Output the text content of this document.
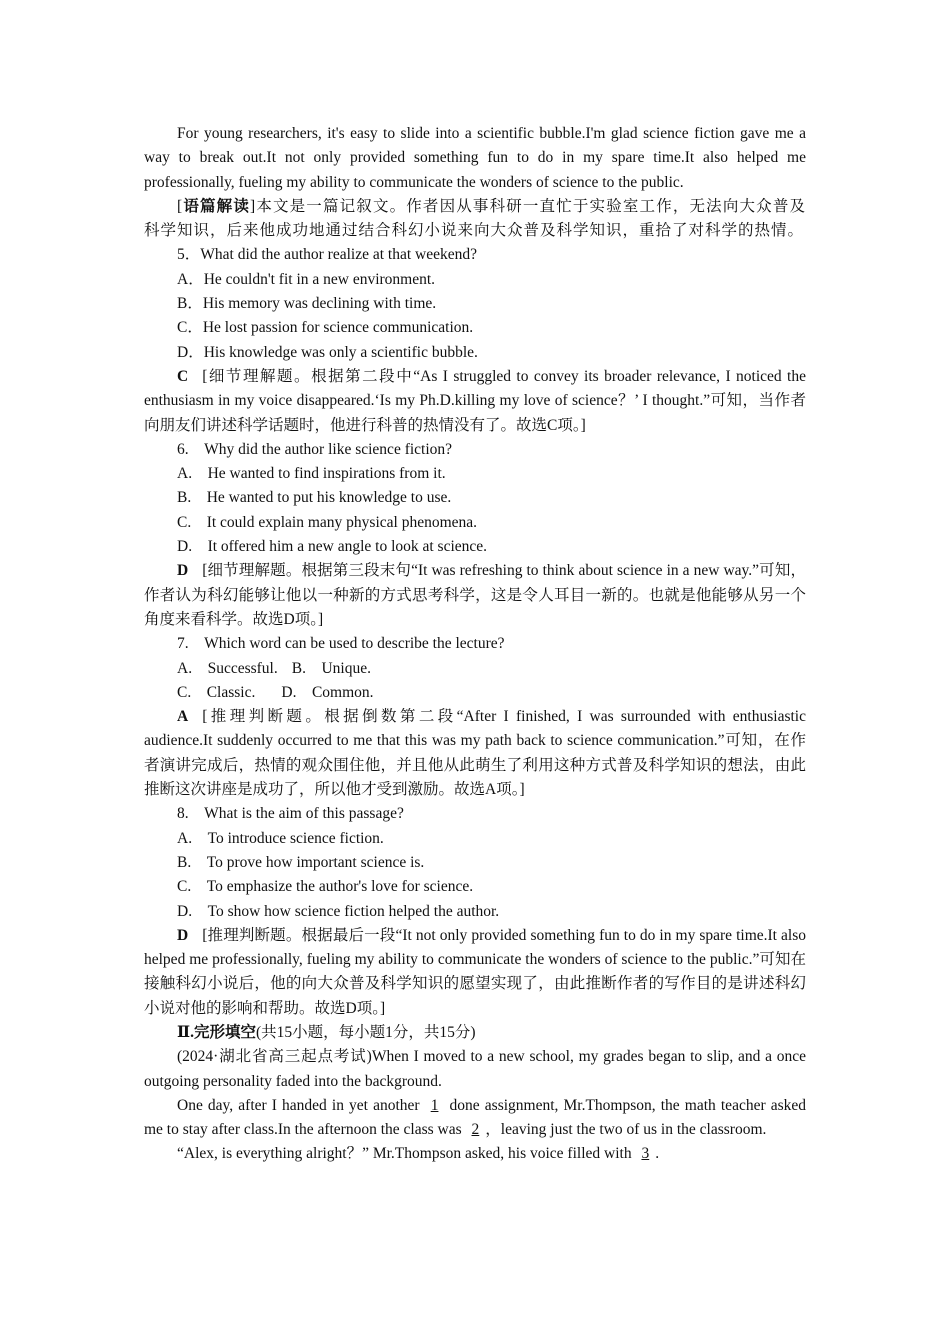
For young researchers, it's easy to slide into a scientific bubble.I'm glad science fiction gave me a way to break out.It not only provided something fun to do in my spare time.It also helped me professionally, fueling my ability to communicate the wonders of science to the public.

[语篇解读]本文是一篇记叙文。作者因从事科研一直忙于实验室工作，无法向大众普及科学知识，后来他成功地通过结合科幻小说来向大众普及科学知识，重拾了对科学的热情。

5．What did the author realize at that weekend?

A．He couldn't fit in a new environment.

B．His memory was declining with time.

C．He lost passion for science communication.

D．His knowledge was only a scientific bubble.

C [细节理解题。根据第二段中“As I struggled to convey its broader relevance, I noticed the enthusiasm in my voice disappeared.‘Is my Ph.D.killing my love of science？’ I thought.”可知，当作者向朋友们讲述科学话题时，他进行科普的热情没有了。故选C项。]

6.　Why did the author like science fiction?

A.　He wanted to find inspirations from it.

B.　He wanted to put his knowledge to use.

C.　It could explain many physical phenomena.

D.　It offered him a new angle to look at science.

D [细节理解题。根据第三段末句“It was refreshing to think about science in a new way.”可知，作者认为科幻能够让他以一种新的方式思考科学，这是令人耳目一新的。也就是他能够从另一个角度来看科学。故选D项。]

7.　Which word can be used to describe the lecture?

A.　Successful. B.　Unique.

C.　Classic. D.　Common.

A [推理判断题。根据倒数第二段“After I finished, I was surrounded with enthusiastic audience.It suddenly occurred to me that this was my path back to science communication.”可知，在作者演讲完成后，热情的观众围住他，并且他从此萌生了利用这种方式普及科学知识的想法，由此推断这次讲座是成功了，所以他才受到激励。故选A项。]

8.　What is the aim of this passage?

A.　To introduce science fiction.

B.　To prove how important science is.

C.　To emphasize the author's love for science.

D.　To show how science fiction helped the author.

D [推理判断题。根据最后一段“It not only provided something fun to do in my spare time.It also helped me professionally, fueling my ability to communicate the wonders of science to the public.”可知在接触科幻小说后，他的向大众普及科学知识的愿望实现了，由此推断作者的写作目的是讲述科幻小说对他的影响和帮助。故选D项。]

Ⅱ.完形填空(共15小题，每小题1分，共15分)

(2024·湖北省高三起点考试)When I moved to a new school, my grades began to slip, and a once outgoing personality faded into the background.

One day, after I handed in yet another 1 done assignment, Mr.Thompson, the math teacher asked me to stay after class.In the afternoon the class was 2 ，leaving just the two of us in the classroom.

“Alex, is everything alright？” Mr.Thompson asked, his voice filled with 3 .
